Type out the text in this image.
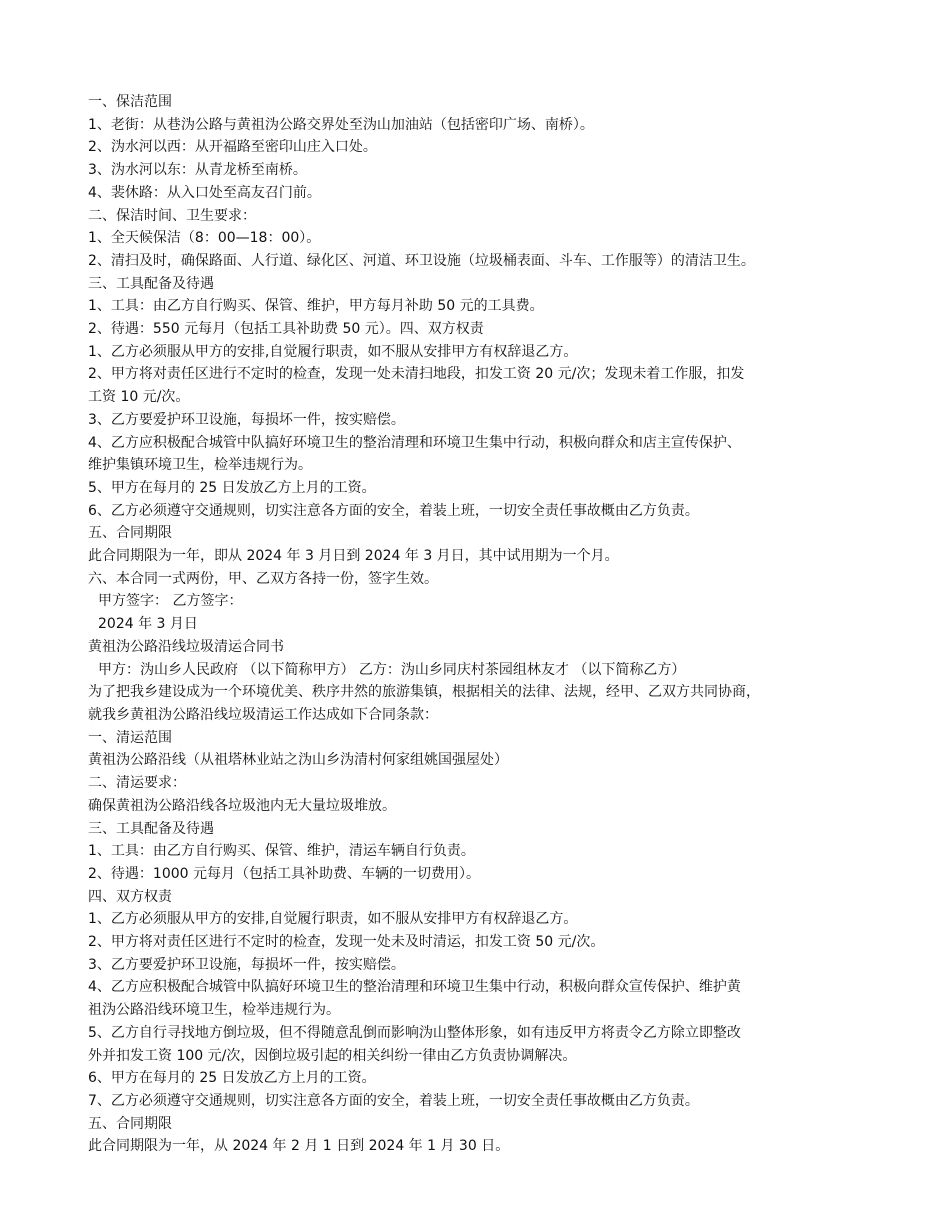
一、保洁范围

1、老街：从巷沩公路与黄祖沩公路交界处至沩山加油站（包括密印广场、南桥）。

2、沩水河以西：从开福路至密印山庄入口处。

3、沩水河以东：从青龙桥至南桥。

4、裴休路：从入口处至高友召门前。

二、保洁时间、卫生要求：

1、全天候保洁（8：00—18：00）。

2、清扫及时，确保路面、人行道、绿化区、河道、环卫设施（垃圾桶表面、斗车、工作服等）的清洁卫生。

三、工具配备及待遇

1、工具：由乙方自行购买、保管、维护，甲方每月补助 50 元的工具费。

2、待遇：550 元每月（包括工具补助费 50 元）。四、双方权责

1、乙方必须服从甲方的安排,自觉履行职责，如不服从安排甲方有权辞退乙方。

2、甲方将对责任区进行不定时的检查，发现一处未清扫地段，扣发工资 20 元/次；发现未着工作服，扣发

工资 10 元/次。

3、乙方要爱护环卫设施，每损坏一件，按实赔偿。

4、乙方应积极配合城管中队搞好环境卫生的整治清理和环境卫生集中行动，积极向群众和店主宣传保护、

维护集镇环境卫生，检举违规行为。

5、甲方在每月的 25 日发放乙方上月的工资。

6、乙方必须遵守交通规则，切实注意各方面的安全，着装上班，一切安全责任事故概由乙方负责。

五、合同期限

此合同期限为一年，即从 2024 年 3 月日到 2024 年 3 月日，其中试用期为一个月。

六、本合同一式两份，甲、乙双方各持一份，签字生效。

甲方签字： 乙方签字：

2024 年 3 月日

黄祖沩公路沿线垃圾清运合同书

甲方：沩山乡人民政府 （以下简称甲方） 乙方：沩山乡同庆村茶园组林友才 （以下简称乙方）

为了把我乡建设成为一个环境优美、秩序井然的旅游集镇，根据相关的法律、法规，经甲、乙双方共同协商，

就我乡黄祖沩公路沿线垃圾清运工作达成如下合同条款：

一、清运范围

黄祖沩公路沿线（从祖塔林业站之沩山乡沩清村何家组姚国强屋处）

二、清运要求：

确保黄祖沩公路沿线各垃圾池内无大量垃圾堆放。

三、工具配备及待遇

1、工具：由乙方自行购买、保管、维护，清运车辆自行负责。

2、待遇：1000 元每月（包括工具补助费、车辆的一切费用）。

四、双方权责

1、乙方必须服从甲方的安排,自觉履行职责，如不服从安排甲方有权辞退乙方。

2、甲方将对责任区进行不定时的检查，发现一处未及时清运，扣发工资 50 元/次。

3、乙方要爱护环卫设施，每损坏一件，按实赔偿。

4、乙方应积极配合城管中队搞好环境卫生的整治清理和环境卫生集中行动，积极向群众宣传保护、维护黄

祖沩公路沿线环境卫生，检举违规行为。

5、乙方自行寻找地方倒垃圾，但不得随意乱倒而影响沩山整体形象，如有违反甲方将责令乙方除立即整改

外并扣发工资 100 元/次，因倒垃圾引起的相关纠纷一律由乙方负责协调解决。

6、甲方在每月的 25 日发放乙方上月的工资。

7、乙方必须遵守交通规则，切实注意各方面的安全，着装上班，一切安全责任事故概由乙方负责。

五、合同期限

此合同期限为一年，从 2024 年 2 月 1 日到 2024 年 1 月 30 日。
